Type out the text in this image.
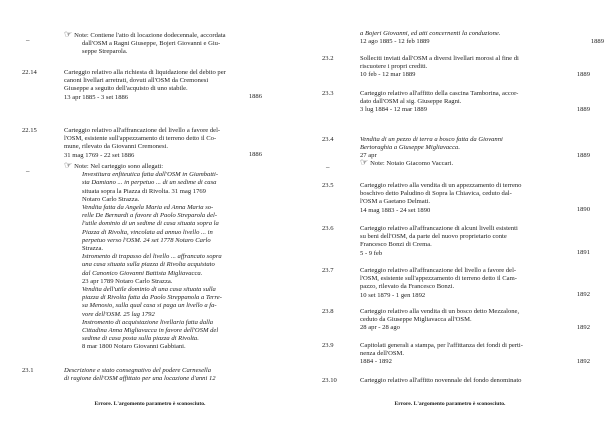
–
☞ Note: Contiene l'atto di locazione dodecennale, accordata
dall'OSM a Ragni Giuseppe, Bojeri Giovanni e Giu-
seppe Streparola.
22.14	Carteggio relativo alla richiesta di liquidazione del debito per
canoni livellari arretrati, dovuti all'OSM da Cremonesi
Giuseppe a seguito dell'acquisto di uno stabile.
13 apr 1885 - 3 set 1886	1886
22.15	Carteggio relativo all'affrancazione del livello a favore del-
l'OSM, esistente sull'appezzamento di terreno detto il Co-
mune, rilevato da Giovanni Cremonesi.
31 mag 1769 - 22 set 1886	1886
–
☞ Note: Nel carteggio sono allegati:
Investitura enfiteutica fatta dall'OSM in Giambatti-
sta Damiano ... in perpetuo ... di un sedime di casa
situata sopra la Piazza di Rivolta. 31 mag 1769
Notaro Carlo Strazza.
Vendita fatta da Angela Maria ed Anna Maria so-
relle De Bernardi a favore di Paolo Streparola del-
l'utile dominio di un sedime di casa situata sopra la
Piazza di Rivolta, vincolata ad annuo livello ... in
perpetuo verso l'OSM. 24 set 1778 Notaro Carlo
Strazza.
Istromento di trapasso del livello ... affrancato sopra
una casa situata sulla piazza di Rivolta acquistato
dal Canonico Giovanni Battista Migliavacca.
23 apr 1789 Notaro Carlo Strazza.
Vendita dell'utile dominio di una casa situata sulla
piazza di Rivolta fatta da Paolo Streppanola a Terre-
sa Menosio, sulla qual casa si paga un livello a fa-
vore dell'OSM. 25 lug 1792
Instromento di acquistazione livellaria fatta dalla
Cittadina Anna Migliavacca in favore dell'OSM del
sedime di casa posta sulla piazza di Rivolta.
8 mar 1800 Notaro Giovanni Gabbiani.
23.1	Descrizione e stato consegnativo del podere Carnesella
di ragione dell'OSM affittato per una locazione d'anni 12
Errore. L'argomento parametro è sconosciuto.
a Bojeri Giovanni, ed atti concernenti la conduzione.
12 ago 1885 - 12 feb 1889	1889
23.2	Solleciti inviati dall'OSM a diversi livellari morosi al fine di
riscuotere i propri crediti.
10 feb - 12 mar 1889	1889
23.3	Carteggio relativo all'affitto della cascina Tamborina, accor-
dato dall'OSM al sig. Giuseppe Ragni.
3 lug 1884 - 12 mar 1889	1889
23.4	Vendita di un pezzo di terra a bosco fatta da Giovanni
Bertoraghia a Giuseppe Migliavacca.
27 apr	1889
–	☞ Note: Notaio Giacomo Vaccari.
23.5	Carteggio relativo alla vendita di un appezzamento di terreno
boschivo detto Paludino di Sopra la Chiavica, ceduto dal-
l'OSM a Gaetano Delmati.
14 mag 1883 - 24 set 1890	1890
23.6	Carteggio relativo all'affrancazione di alcuni livelli esistenti
su beni dell'OSM, da parte del nuovo proprietario conte
Francesco Bonzi di Crema.
5 - 9 feb	1891
23.7	Carteggio relativo all'affrancazione del livello a favore del-
l'OSM, esistente sull'appezzamento di terreno detto il Cam-
pazzo, rilevato da Francesco Bonzi.
10 set 1879 - 1 gen 1892	1892
23.8	Carteggio relativo alla vendita di un bosco detto Mezzalone,
ceduto da Giuseppe Migliavacca all'OSM.
28 apr - 28 ago	1892
23.9	Capitolati generali a stampa, per l'affittanza dei fondi di perti-
nenza dell'OSM.
1884 - 1892	1892
23.10	Carteggio relativo all'affitto novennale del fondo denominato
Errore. L'argomento parametro è sconosciuto.
